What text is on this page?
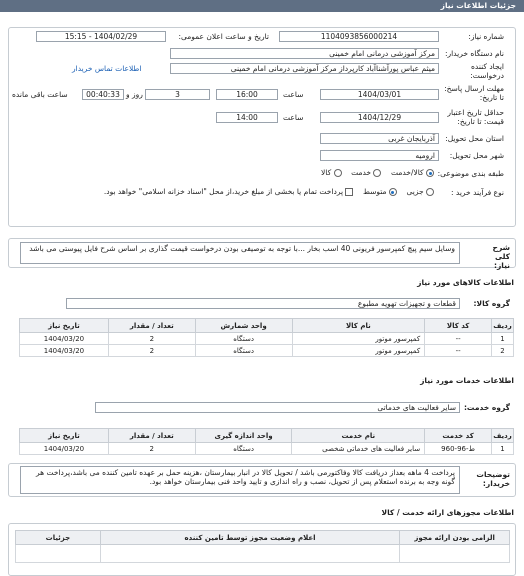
جزئیات اطلاعات نیاز
شماره نیاز:
1104093856000214
تاریخ و ساعت اعلان عمومی:
1404/02/29 - 15:15
نام دستگاه خریدار:
مرکز آموزشی درمانی امام خمینی
ایجاد کننده درخواست:
میثم عباس پورآشناآباد کارپرداز مرکز آموزشی درمانی امام خمینی
اطلاعات تماس خریدار
مهلت ارسال پاسخ: تا تاریخ:
1404/03/01
ساعت
16:00
3
روز و
00:40:33
ساعت باقی مانده
حداقل تاریخ اعتبار قیمت: تا تاریخ:
1404/12/29
ساعت
14:00
استان محل تحویل:
آذربایجان غربی
شهر محل تحویل:
ارومیه
طبقه بندی موضوعی:
کالا/خدمت     خدمت     کالا
نوع فرآیند خرید :
جزیی     متوسط     پرداخت تمام یا بخشی از مبلغ خرید،از محل "اسناد خزانه اسلامی" خواهد بود.
شرح کلی نیاز:
وسایل سیم پیچ کمپرسور فریونی 40 اسب بخار ...با توجه به توصیفی بودن درخواست قیمت گذاری بر اساس شرح فایل پیوستی می باشد
اطلاعات کالاهای مورد نیاز
گروه کالا:
قطعات و تجهیزات تهویه مطبوع
ردیف	کد کالا	نام کالا	واحد شمارش	تعداد / مقدار	تاریخ نیاز
1	--	کمپرسور موتور	دستگاه	2	1404/03/20
2	--	کمپرسور موتور	دستگاه	2	1404/03/20
اطلاعات خدمات مورد نیاز
گروه خدمت:
سایر فعالیت های خدماتی
ردیف	کد خدمت	نام خدمت	واحد اندازه گیری	تعداد / مقدار	تاریخ نیاز
1	ط-96-960	سایر فعالیت های خدماتی شخصی	دستگاه	2	1404/03/20
توضیحات خریدار:
پرداخت 4 ماهه بعداز دریافت کالا وفاکتورمی باشد / تحویل کالا در انبار بیمارستان ،هزینه حمل بر عهده تامین کننده می باشد،پرداخت هر گونه وجه به برنده استعلام پس از تحویل، نصب و راه اندازی و تایید واحد فنی بیمارستان خواهد بود.
اطلاعات مجوزهای ارائه خدمت / کالا
الزامی بودن ارائه مجوز	اعلام وضعیت مجوز توسط تامین کننده	جزئیات
